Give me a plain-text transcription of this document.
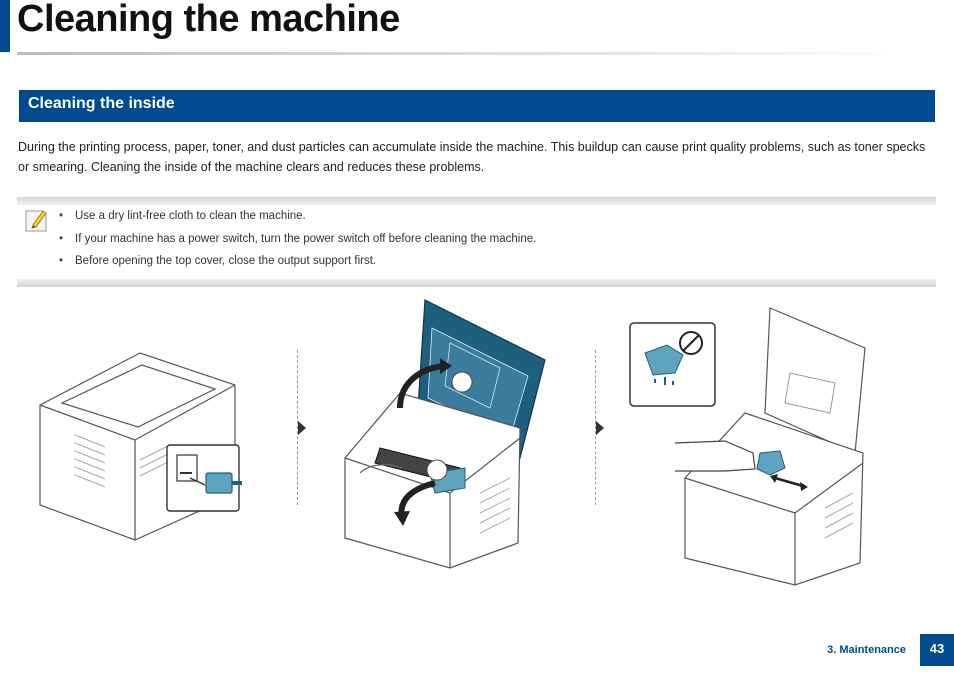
Cleaning the machine
Cleaning the inside

During the printing process, paper, toner, and dust particles can accumulate inside the machine. This buildup can cause print quality problems, such as toner specks or smearing. Cleaning the inside of the machine clears and reduces these problems.

• Use a dry lint-free cloth to clean the machine.
• If your machine has a power switch, turn the power switch off before cleaning the machine.
• Before opening the top cover, close the output support first.
3. Maintenance	43
